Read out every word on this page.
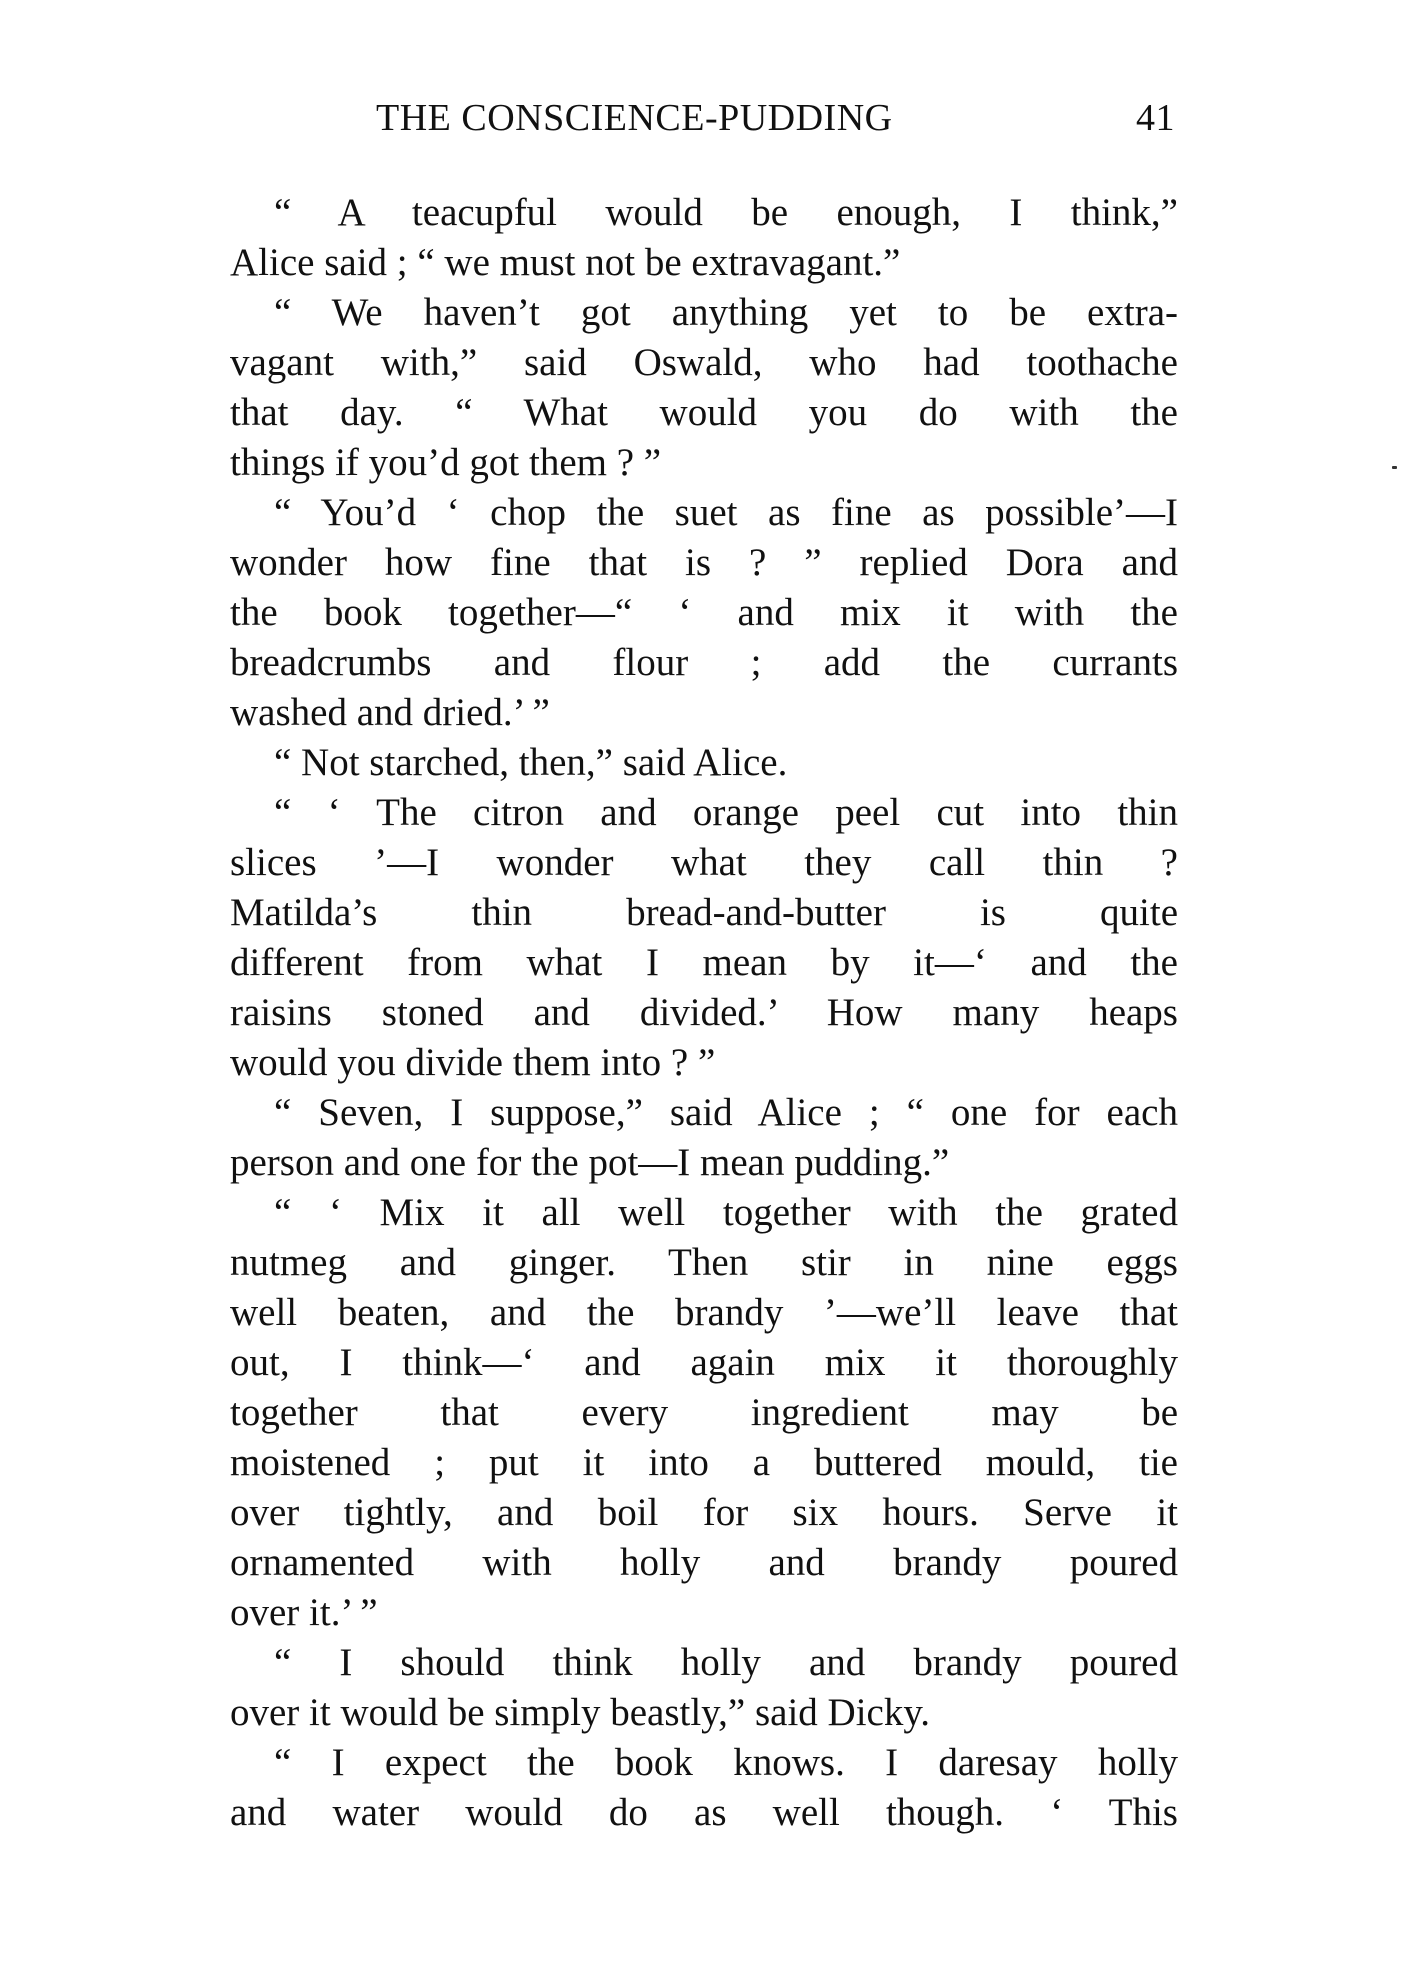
THE CONSCIENCE-PUDDING	41
“ A teacupful would be enough, I think,”
Alice said ; “ we must not be extravagant.”
“ We haven’t got anything yet to be extra-
vagant with,” said Oswald, who had toothache
that day. “ What would you do with the
things if you’d got them ? ”
“ You’d ‘ chop the suet as fine as possible’—I
wonder how fine that is ? ” replied Dora and
the book together—“ ‘ and mix it with the
breadcrumbs and flour ; add the currants
washed and dried.’ ”
“ Not starched, then,” said Alice.
“ ‘ The citron and orange peel cut into thin
slices ’—I wonder what they call thin ?
Matilda’s thin bread-and-butter is quite
different from what I mean by it—‘ and the
raisins stoned and divided.’ How many heaps
would you divide them into ? ”
“ Seven, I suppose,” said Alice ; “ one for each
person and one for the pot—I mean pudding.”
“ ‘ Mix it all well together with the grated
nutmeg and ginger. Then stir in nine eggs
well beaten, and the brandy ’—we’ll leave that
out, I think—‘ and again mix it thoroughly
together that every ingredient may be
moistened ; put it into a buttered mould, tie
over tightly, and boil for six hours. Serve it
ornamented with holly and brandy poured
over it.’ ”
“ I should think holly and brandy poured
over it would be simply beastly,” said Dicky.
“ I expect the book knows. I daresay holly
and water would do as well though. ‘ This
